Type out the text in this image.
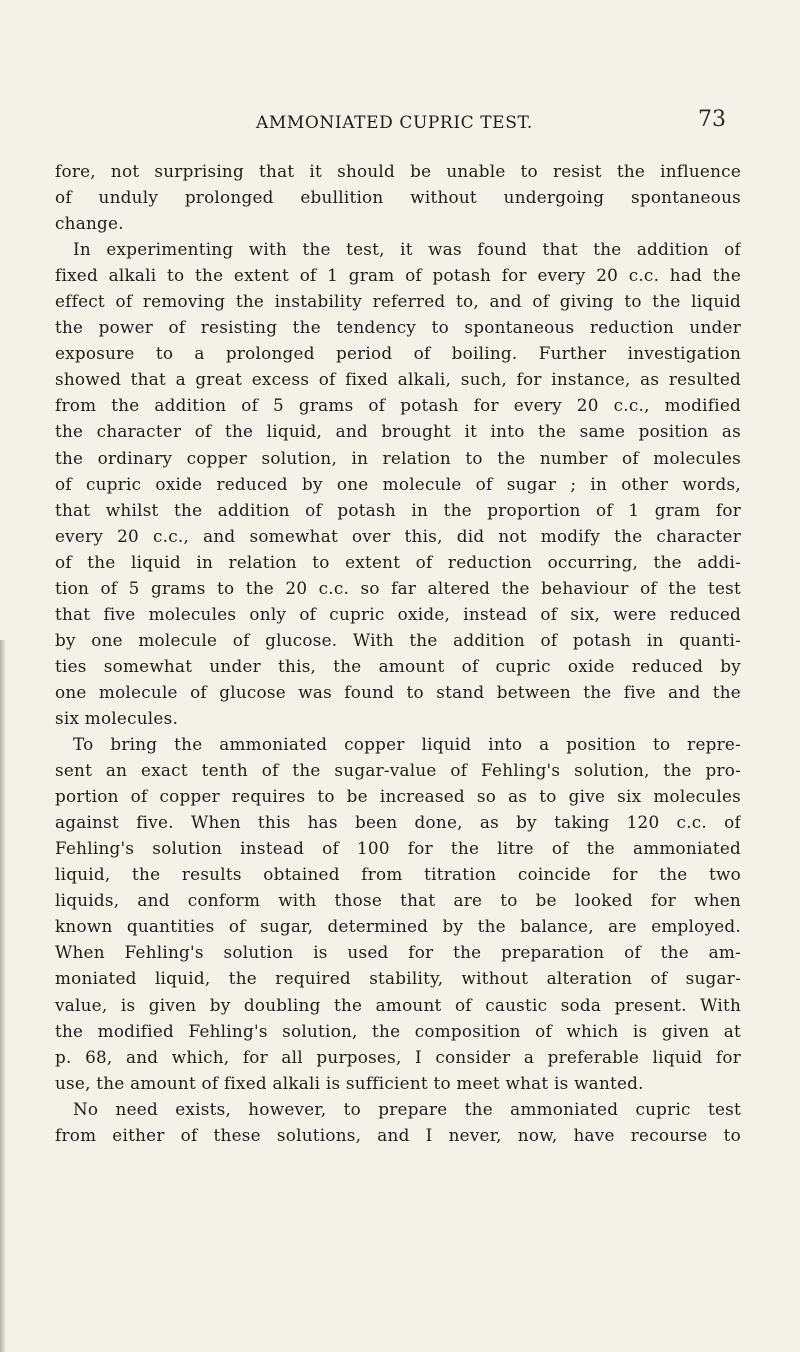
AMMONIATED CUPRIC TEST.	73
fore, not surprising that it should be unable to resist the influence
of unduly prolonged ebullition without undergoing spontaneous
change.
In experimenting with the test, it was found that the addition of
fixed alkali to the extent of 1 gram of potash for every 20 c.c. had the
effect of removing the instability referred to, and of giving to the liquid
the power of resisting the tendency to spontaneous reduction under
exposure to a prolonged period of boiling. Further investigation
showed that a great excess of fixed alkali, such, for instance, as resulted
from the addition of 5 grams of potash for every 20 c.c., modified
the character of the liquid, and brought it into the same position as
the ordinary copper solution, in relation to the number of molecules
of cupric oxide reduced by one molecule of sugar ; in other words,
that whilst the addition of potash in the proportion of 1 gram for
every 20 c.c., and somewhat over this, did not modify the character
of the liquid in relation to extent of reduction occurring, the addi-
tion of 5 grams to the 20 c.c. so far altered the behaviour of the test
that five molecules only of cupric oxide, instead of six, were reduced
by one molecule of glucose. With the addition of potash in quanti-
ties somewhat under this, the amount of cupric oxide reduced by
one molecule of glucose was found to stand between the five and the
six molecules.
To bring the ammoniated copper liquid into a position to repre-
sent an exact tenth of the sugar-value of Fehling's solution, the pro-
portion of copper requires to be increased so as to give six molecules
against five. When this has been done, as by taking 120 c.c. of
Fehling's solution instead of 100 for the litre of the ammoniated
liquid, the results obtained from titration coincide for the two
liquids, and conform with those that are to be looked for when
known quantities of sugar, determined by the balance, are employed.
When Fehling's solution is used for the preparation of the am-
moniated liquid, the required stability, without alteration of sugar-
value, is given by doubling the amount of caustic soda present. With
the modified Fehling's solution, the composition of which is given at
p. 68, and which, for all purposes, I consider a preferable liquid for
use, the amount of fixed alkali is sufficient to meet what is wanted.
No need exists, however, to prepare the ammoniated cupric test
from either of these solutions, and I never, now, have recourse to
